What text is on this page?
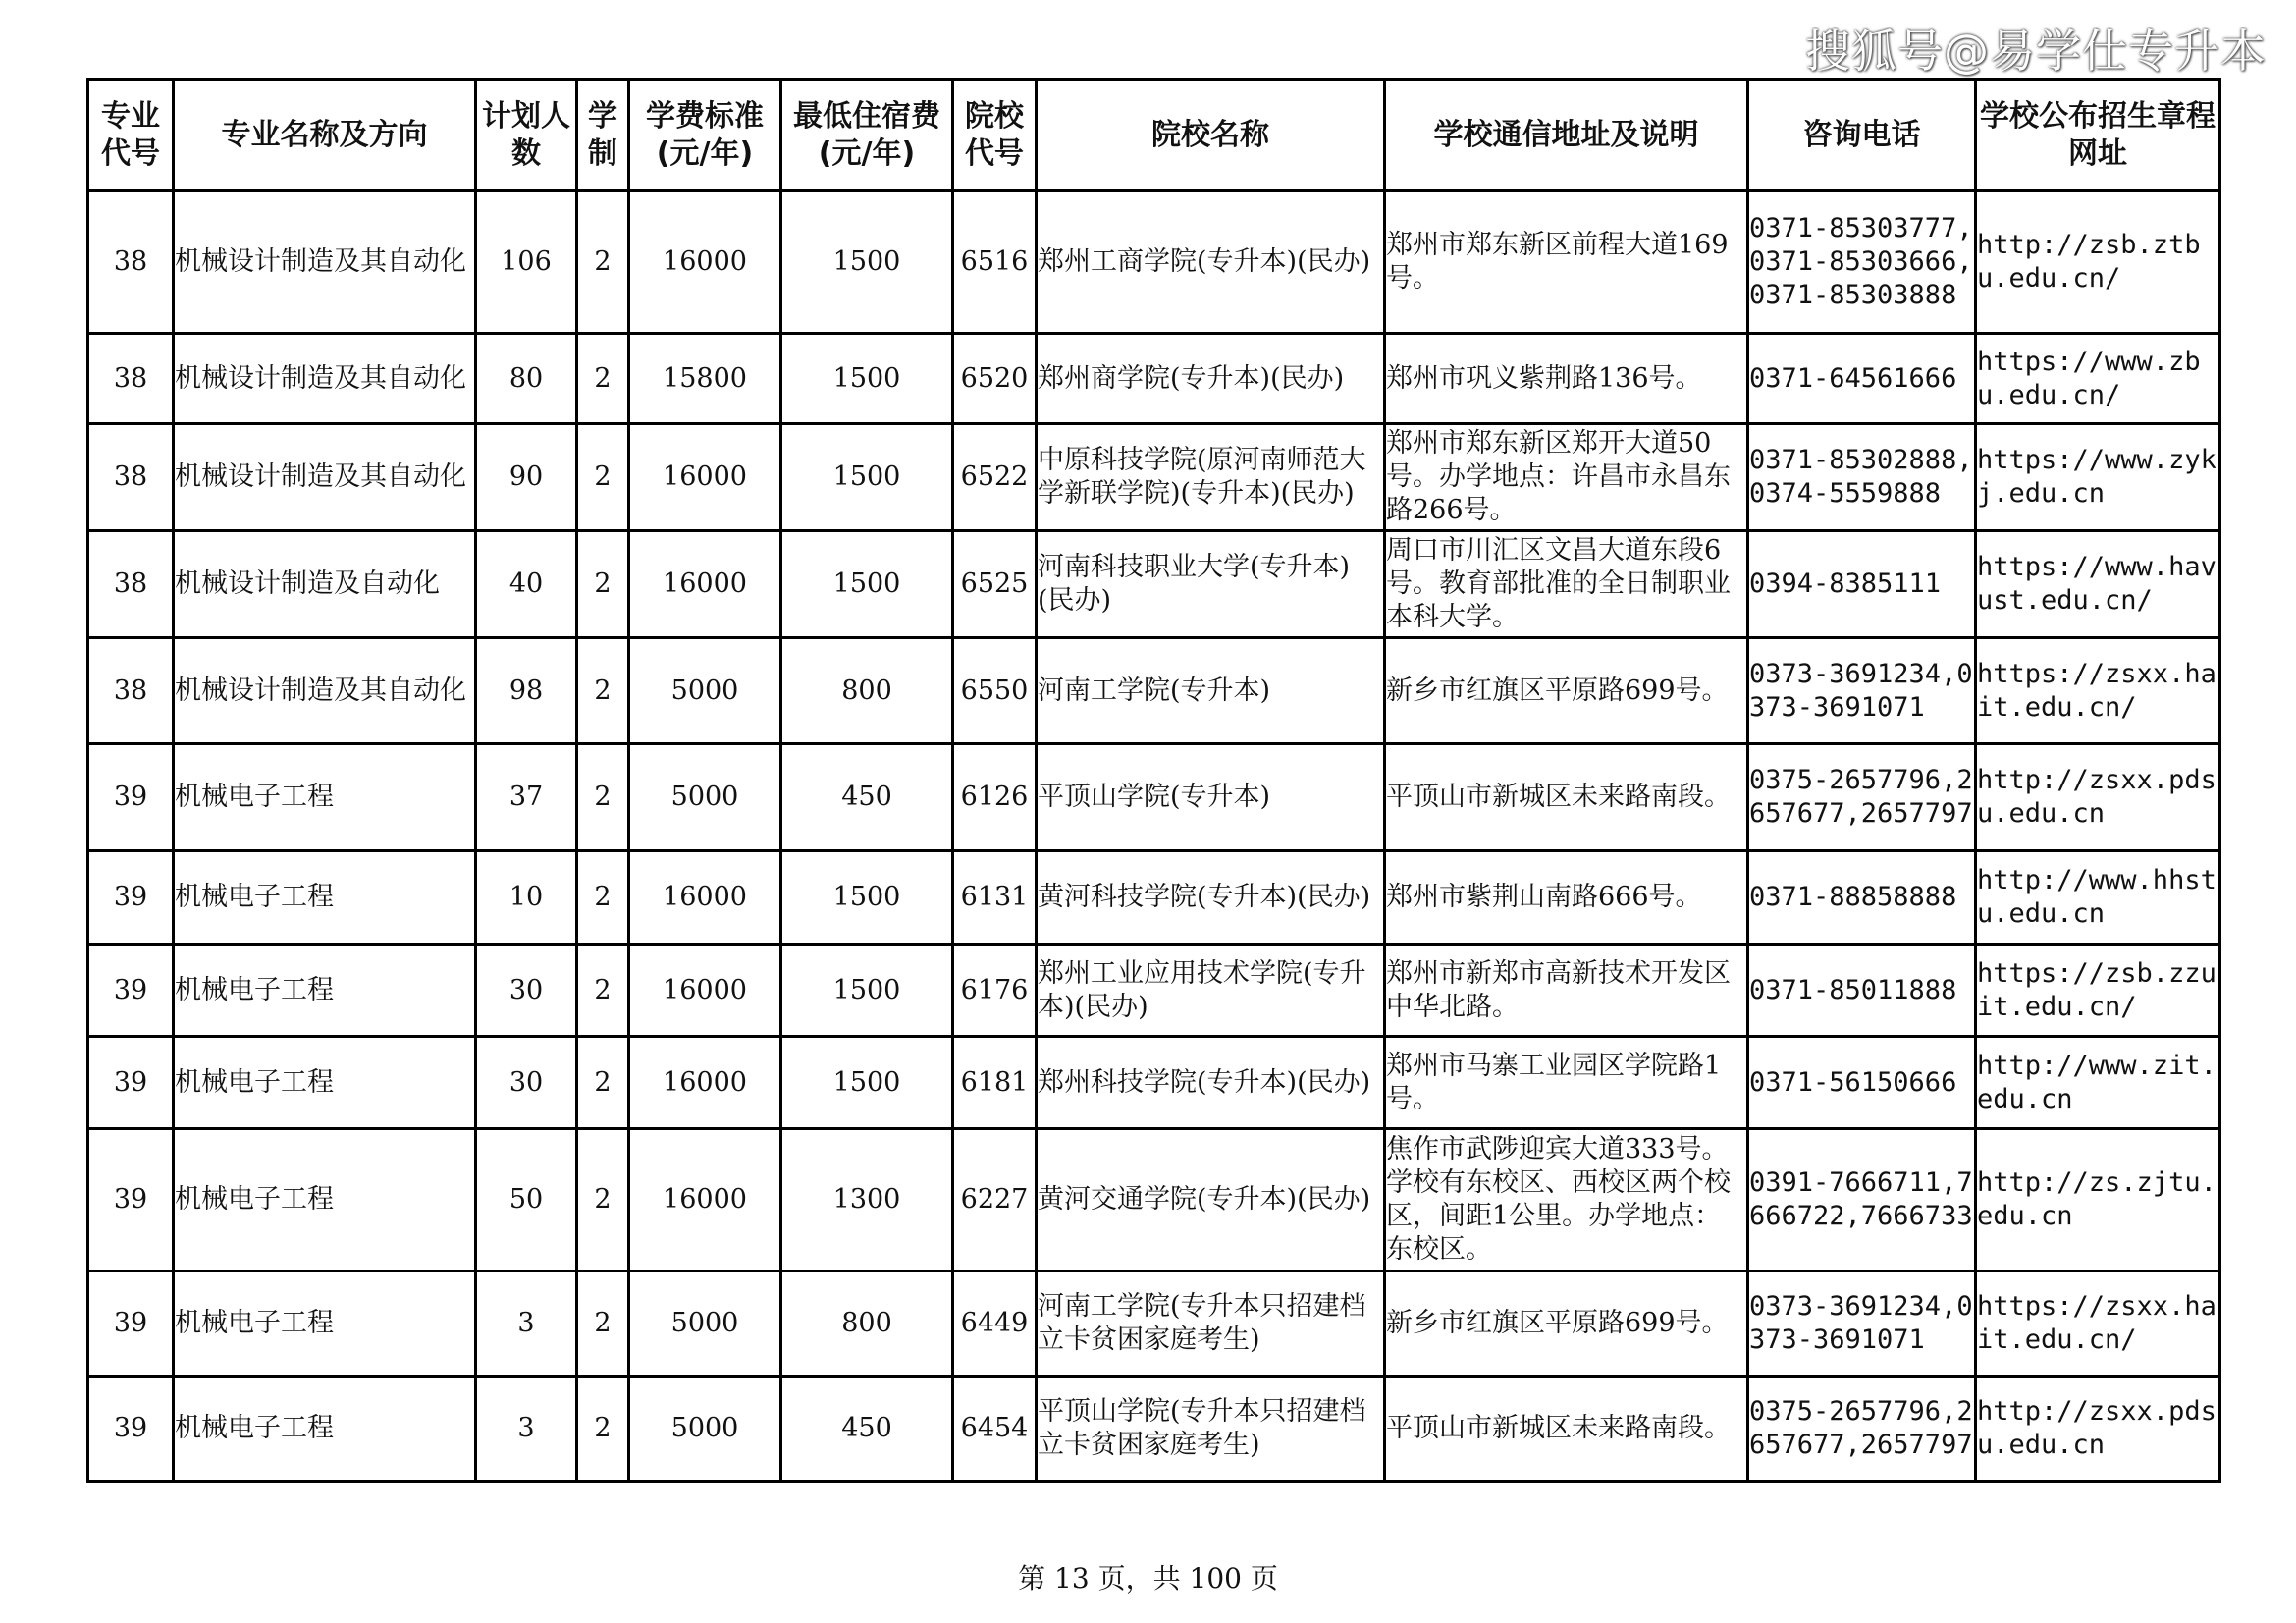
搜狐号@易学仕专升本
专业代号	专业名称及方向	计划人数	学制	学费标准(元/年)	最低住宿费(元/年)	院校代号	院校名称	学校通信地址及说明	咨询电话	学校公布招生章程网址
38	机械设计制造及其自动化	106	2	16000	1500	6516	郑州工商学院(专升本)(民办)	郑州市郑东新区前程大道169号。	0371-85303777,0371-85303666,0371-85303888	http://zsb.ztbu.edu.cn/
38	机械设计制造及其自动化	80	2	15800	1500	6520	郑州商学院(专升本)(民办)	郑州市巩义紫荆路136号。	0371-64561666	https://www.zbu.edu.cn/
38	机械设计制造及其自动化	90	2	16000	1500	6522	中原科技学院(原河南师范大学新联学院)(专升本)(民办)	郑州市郑东新区郑开大道50号。办学地点：许昌市永昌东路266号。	0371-85302888,0374-5559888	https://www.zykj.edu.cn
38	机械设计制造及自动化	40	2	16000	1500	6525	河南科技职业大学(专升本)(民办)	周口市川汇区文昌大道东段6号。教育部批准的全日制职业本科大学。	0394-8385111	https://www.havust.edu.cn/
38	机械设计制造及其自动化	98	2	5000	800	6550	河南工学院(专升本)	新乡市红旗区平原路699号。	0373-3691234,0373-3691071	https://zsxx.hait.edu.cn/
39	机械电子工程	37	2	5000	450	6126	平顶山学院(专升本)	平顶山市新城区未来路南段。	0375-2657796,2657677,2657797	http://zsxx.pdsu.edu.cn
39	机械电子工程	10	2	16000	1500	6131	黄河科技学院(专升本)(民办)	郑州市紫荆山南路666号。	0371-88858888	http://www.hhstu.edu.cn
39	机械电子工程	30	2	16000	1500	6176	郑州工业应用技术学院(专升本)(民办)	郑州市新郑市高新技术开发区中华北路。	0371-85011888	https://zsb.zzuit.edu.cn/
39	机械电子工程	30	2	16000	1500	6181	郑州科技学院(专升本)(民办)	郑州市马寨工业园区学院路1号。	0371-56150666	http://www.zit.edu.cn
39	机械电子工程	50	2	16000	1300	6227	黄河交通学院(专升本)(民办)	焦作市武陟迎宾大道333号。学校有东校区、西校区两个校区，间距1公里。办学地点：东校区。	0391-7666711,7666722,7666733	http://zs.zjtu.edu.cn
39	机械电子工程	3	2	5000	800	6449	河南工学院(专升本只招建档立卡贫困家庭考生)	新乡市红旗区平原路699号。	0373-3691234,0373-3691071	https://zsxx.hait.edu.cn/
39	机械电子工程	3	2	5000	450	6454	平顶山学院(专升本只招建档立卡贫困家庭考生)	平顶山市新城区未来路南段。	0375-2657796,2657677,2657797	http://zsxx.pdsu.edu.cn
第 13 页，共 100 页
